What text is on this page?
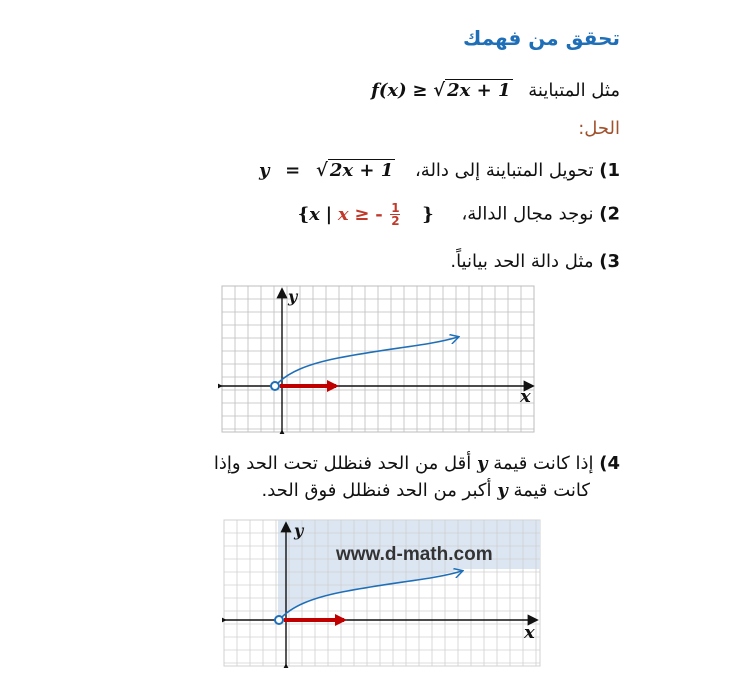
تحقق من فهمك
مثل المتباينة f(x) ≥ √ 2x + 1
الحل:
1) تحويل المتباينة إلى دالة، y = √ 2x + 1
2) نوجد مجال الدالة، {x | x ≥ - $\frac{1}{2}$ }
3) مثل دالة الحد بيانياً.
y
x
4) إذا كانت قيمة y أقل من الحد فنظلل تحت الحد وإذا
كانت قيمة y أكبر من الحد فنظلل فوق الحد.
www.d-math.com
y
x
